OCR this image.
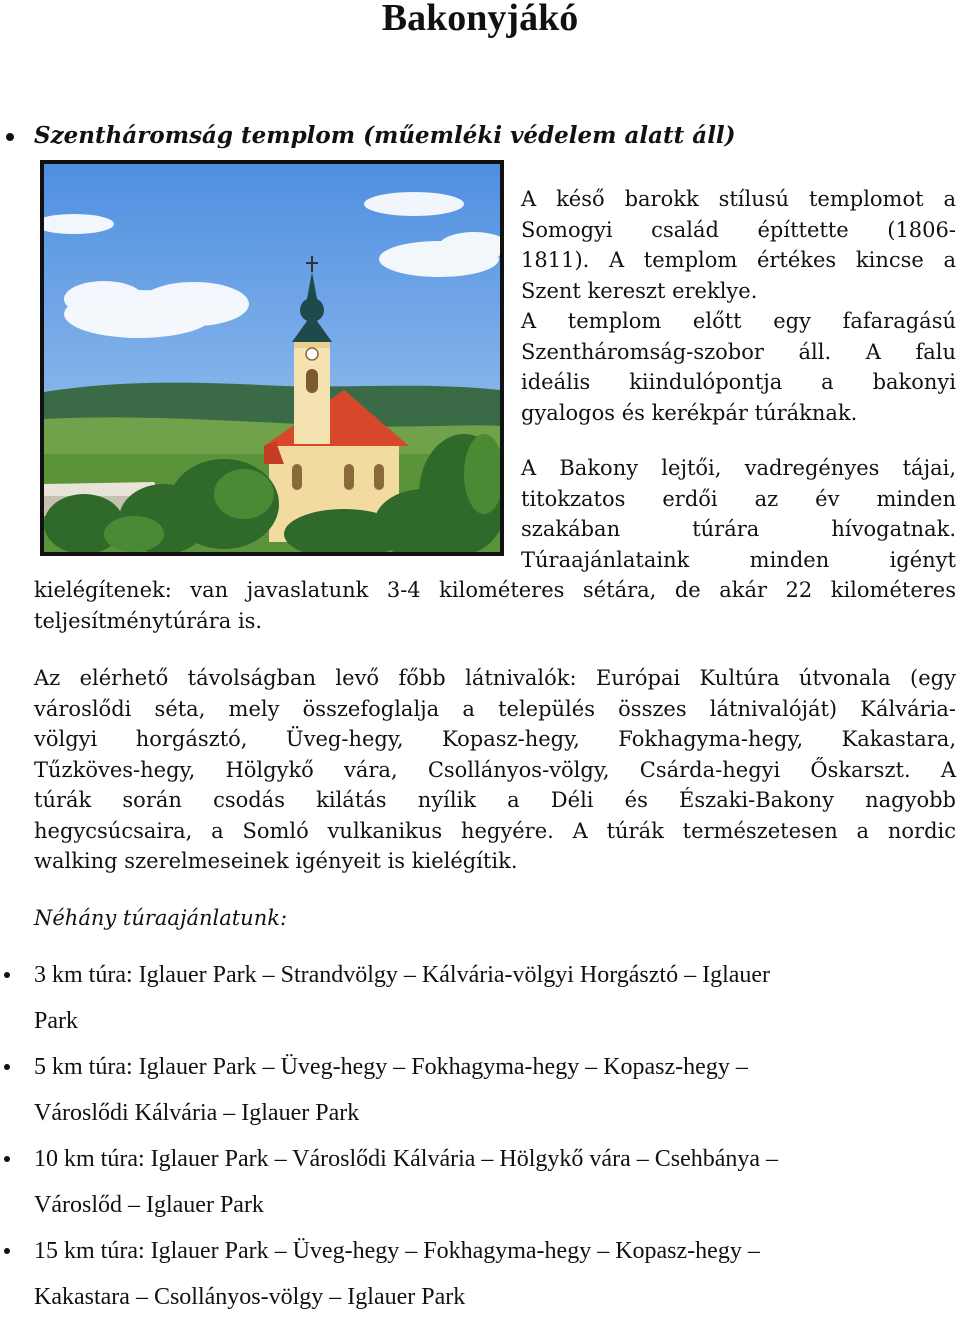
Bakonyjákó
Szentháromság templom (műemléki védelem alatt áll)

A késő barokk stílusú templomot a
Somogyi család építtette (1806-
1811). A templom értékes kincse a
Szent kereszt ereklye.

A templom előtt egy fafaragású
Szentháromság-szobor áll. A falu
ideális kiindulópontja a bakonyi
gyalogos és kerékpár túráknak.

A Bakony lejtői, vadregényes tájai,
titokzatos erdői az év minden
szakában túrára hívogatnak.
Túraajánlataink minden igényt

kielégítenek: van javaslatunk 3-4 kilométeres sétára, de akár 22 kilométeres
teljesítménytúrára is.

Az elérhető távolságban levő főbb látnivalók: Európai Kultúra útvonala (egy
városlődi séta, mely összefoglalja a település összes látnivalóját) Kálvária-
völgyi horgásztó, Üveg-hegy, Kopasz-hegy, Fokhagyma-hegy, Kakastara,
Tűzköves-hegy, Hölgykő vára, Csollányos-völgy, Csárda-hegyi Őskarszt. A
túrák során csodás kilátás nyílik a Déli és Északi-Bakony nagyobb
hegycsúcsaira, a Somló vulkanikus hegyére. A túrák természetesen a nordic
walking szerelmeseinek igényeit is kielégítik.

Néhány túraajánlatunk:

3 km túra: Iglauer Park – Strandvölgy – Kálvária-völgyi Horgásztó – Iglauer
Park
5 km túra: Iglauer Park – Üveg-hegy – Fokhagyma-hegy – Kopasz-hegy –
Városlődi Kálvária – Iglauer Park
10 km túra: Iglauer Park – Városlődi Kálvária – Hölgykő vára – Csehbánya –
Városlőd – Iglauer Park
15 km túra: Iglauer Park – Üveg-hegy – Fokhagyma-hegy – Kopasz-hegy –
Kakastara – Csollányos-völgy – Iglauer Park
